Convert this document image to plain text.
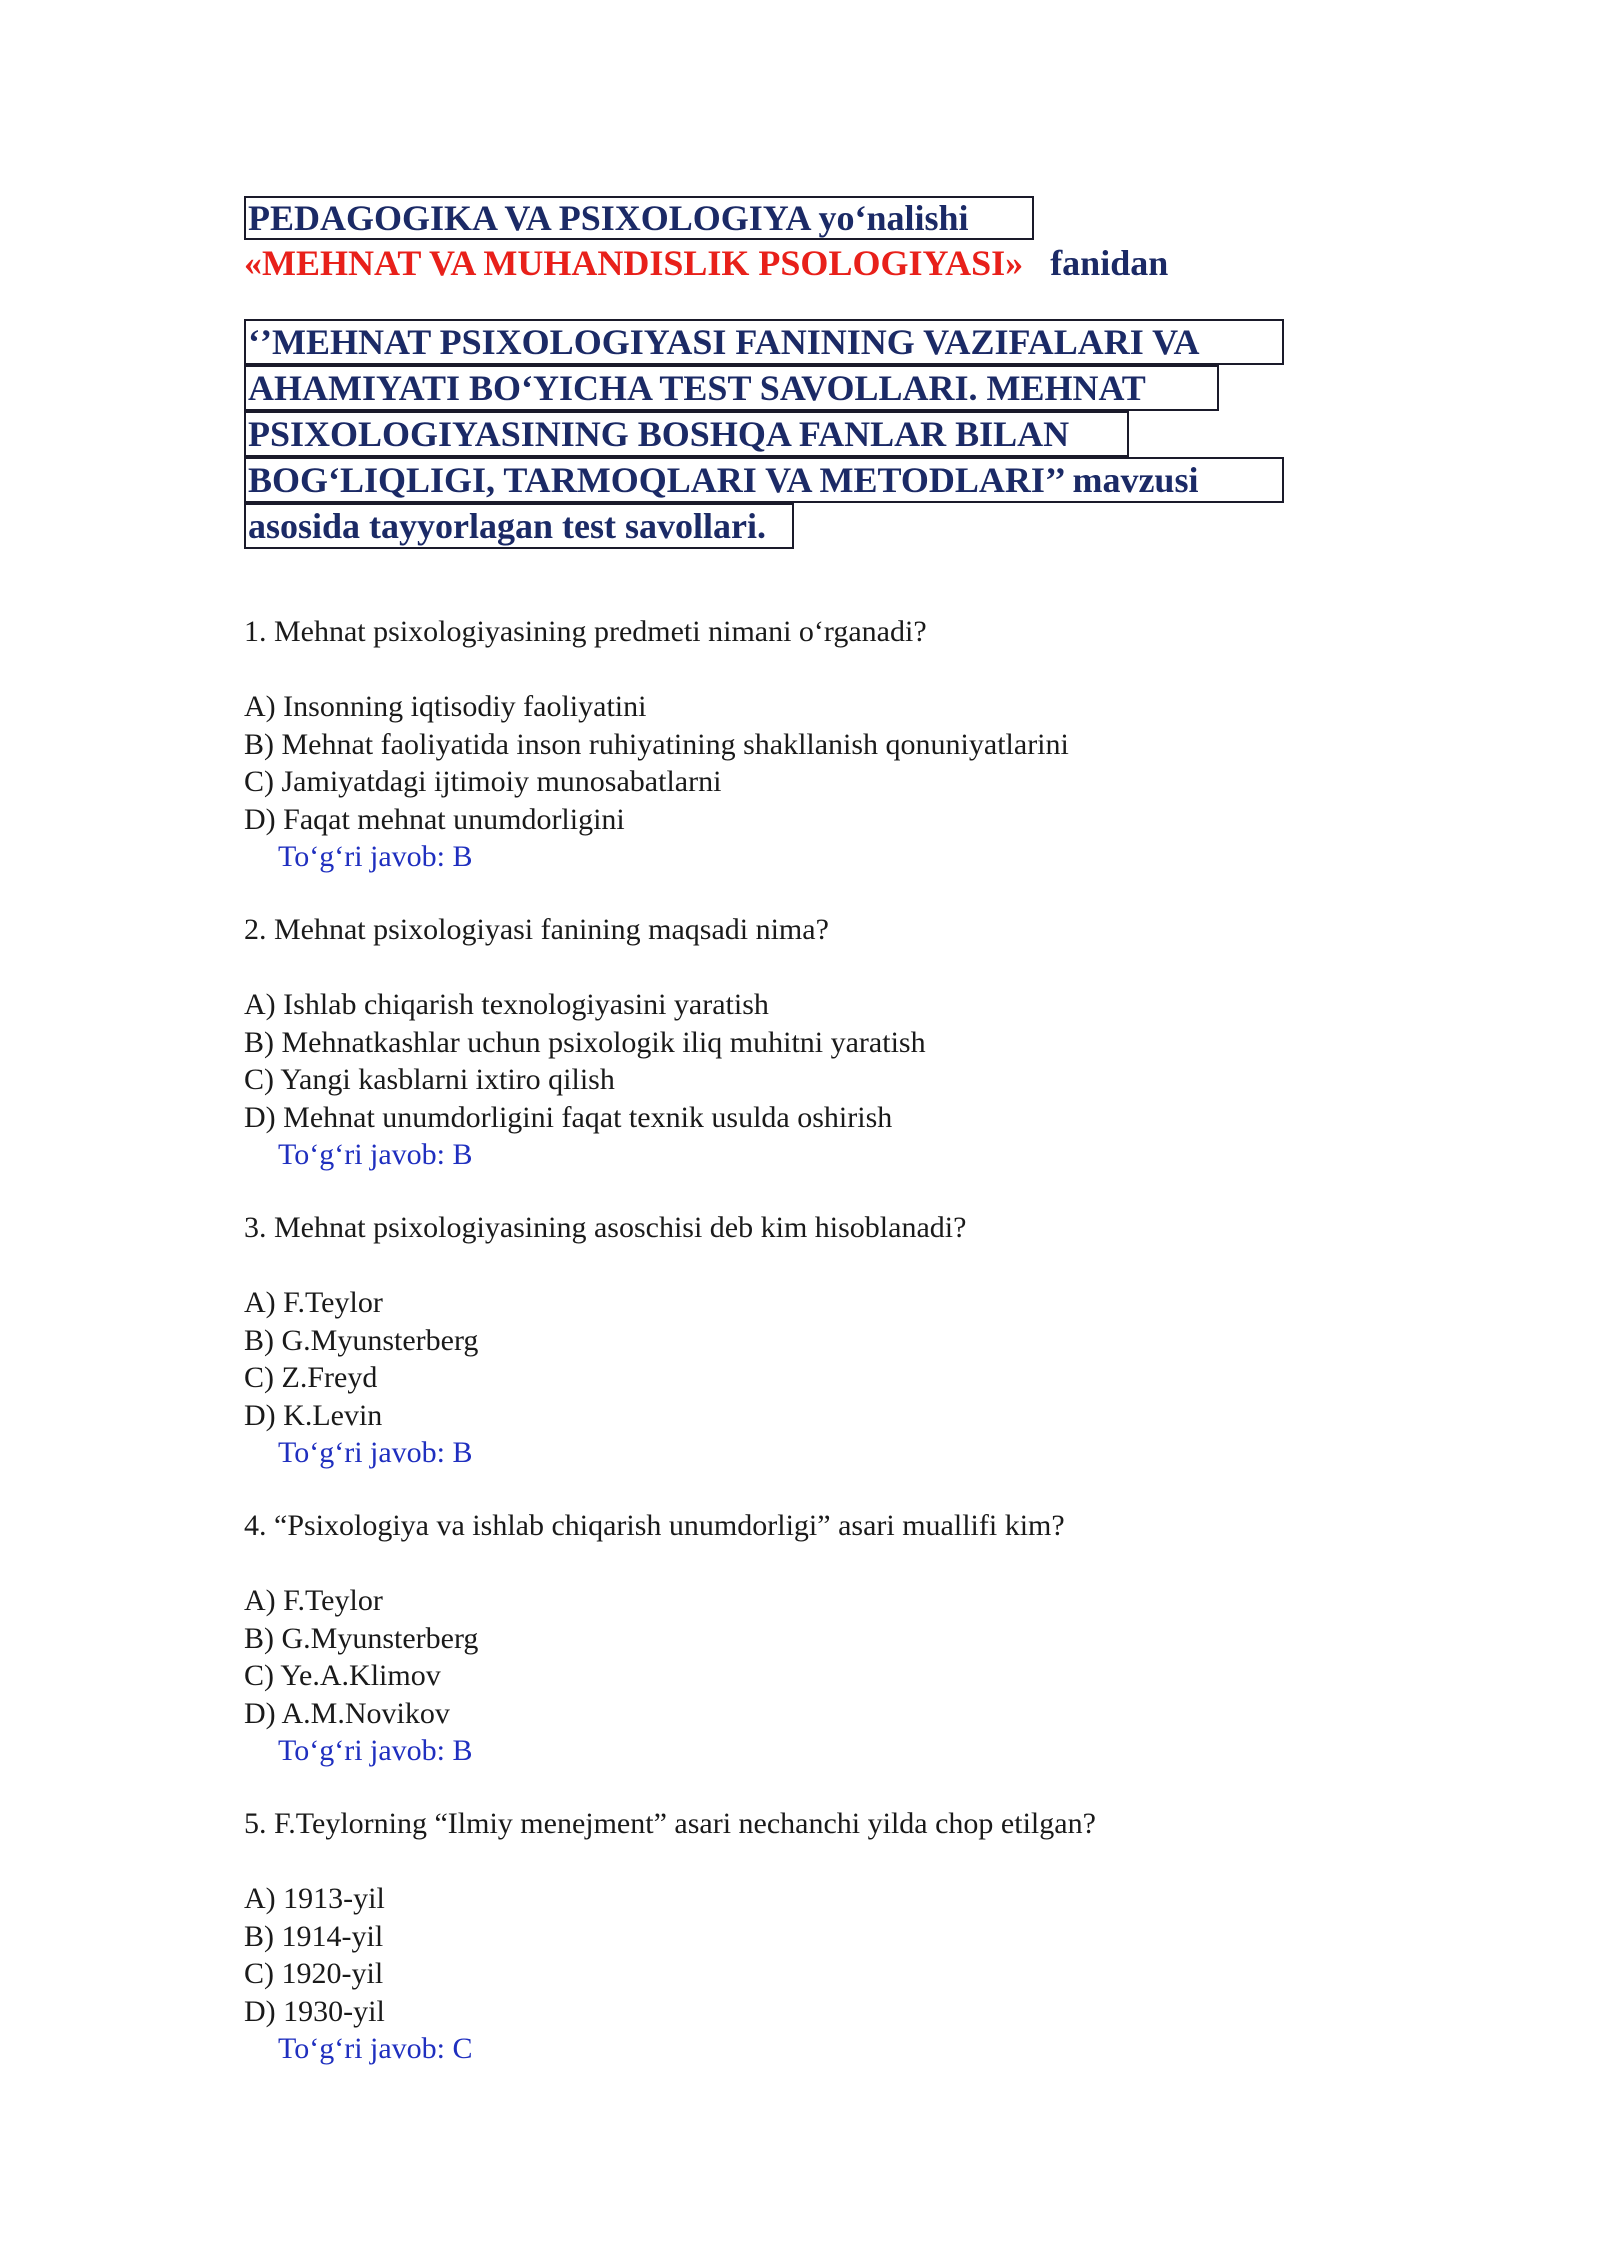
PEDAGOGIKA VA PSIXOLOGIYA yo‘nalishi
«MEHNAT VA MUHANDISLIK PSOLOGIYASI» fanidan
‘’MEHNAT PSIXOLOGIYASI FANINING VAZIFALARI VA
AHAMIYATI BO‘YICHA TEST SAVOLLARI. MEHNAT
PSIXOLOGIYASINING BOSHQA FANLAR BILAN
BOG‘LIQLIGI, TARMOQLARI VA METODLARI’’ mavzusi
asosida tayyorlagan test savollari.
1. Mehnat psixologiyasining predmeti nimani o‘rganadi?
A) Insonning iqtisodiy faoliyatini
B) Mehnat faoliyatida inson ruhiyatining shakllanish qonuniyatlarini
C) Jamiyatdagi ijtimoiy munosabatlarni
D) Faqat mehnat unumdorligini
To‘g‘ri javob: B
2. Mehnat psixologiyasi fanining maqsadi nima?
A) Ishlab chiqarish texnologiyasini yaratish
B) Mehnatkashlar uchun psixologik iliq muhitni yaratish
C) Yangi kasblarni ixtiro qilish
D) Mehnat unumdorligini faqat texnik usulda oshirish
To‘g‘ri javob: B
3. Mehnat psixologiyasining asoschisi deb kim hisoblanadi?
A) F.Teylor
B) G.Myunsterberg
C) Z.Freyd
D) K.Levin
To‘g‘ri javob: B
4. “Psixologiya va ishlab chiqarish unumdorligi” asari muallifi kim?
A) F.Teylor
B) G.Myunsterberg
C) Ye.A.Klimov
D) A.M.Novikov
To‘g‘ri javob: B
5. F.Teylorning “Ilmiy menejment” asari nechanchi yilda chop etilgan?
A) 1913-yil
B) 1914-yil
C) 1920-yil
D) 1930-yil
To‘g‘ri javob: C
